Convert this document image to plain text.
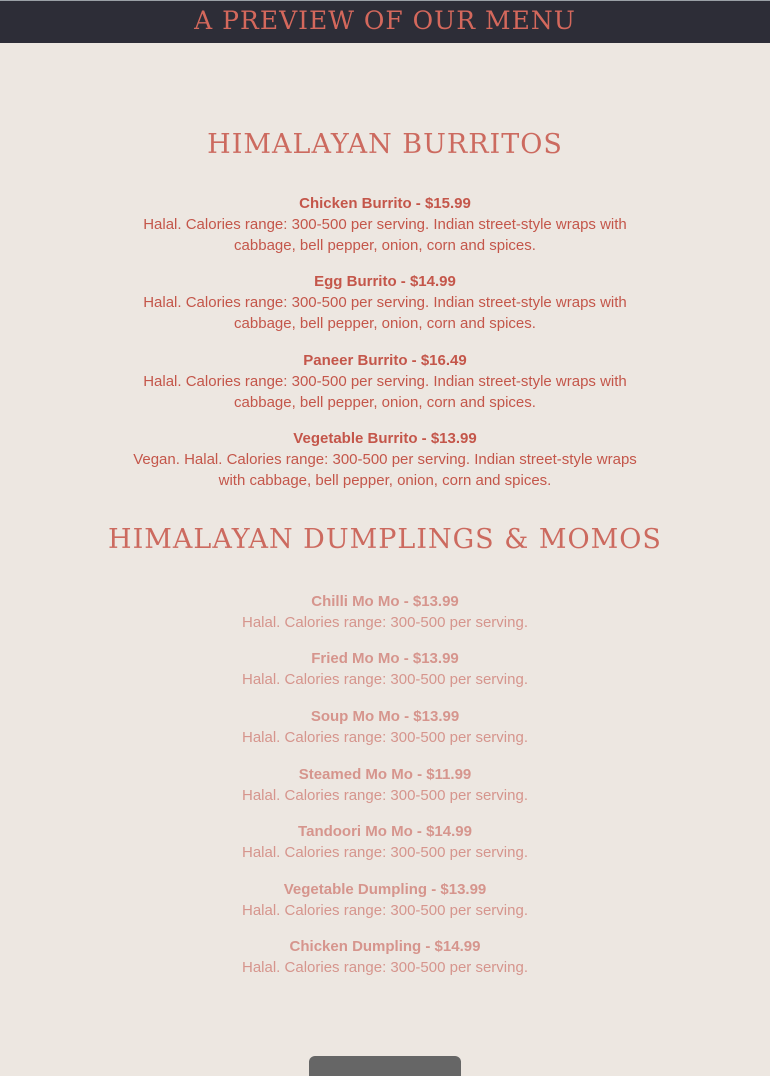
A PREVIEW OF OUR MENU
HIMALAYAN BURRITOS
Chicken Burrito - $15.99
Halal. Calories range: 300-500 per serving. Indian street-style wraps with cabbage, bell pepper, onion, corn and spices.
Egg Burrito - $14.99
Halal. Calories range: 300-500 per serving. Indian street-style wraps with cabbage, bell pepper, onion, corn and spices.
Paneer Burrito - $16.49
Halal. Calories range: 300-500 per serving. Indian street-style wraps with cabbage, bell pepper, onion, corn and spices.
Vegetable Burrito - $13.99
Vegan. Halal. Calories range: 300-500 per serving. Indian street-style wraps with cabbage, bell pepper, onion, corn and spices.
HIMALAYAN DUMPLINGS & MOMOS
Chilli Mo Mo - $13.99
Halal. Calories range: 300-500 per serving.
Fried Mo Mo - $13.99
Halal. Calories range: 300-500 per serving.
Soup Mo Mo - $13.99
Halal. Calories range: 300-500 per serving.
Steamed Mo Mo - $11.99
Halal. Calories range: 300-500 per serving.
Tandoori Mo Mo - $14.99
Halal. Calories range: 300-500 per serving.
Vegetable Dumpling - $13.99
Halal. Calories range: 300-500 per serving.
Chicken Dumpling - $14.99
Halal. Calories range: 300-500 per serving.
